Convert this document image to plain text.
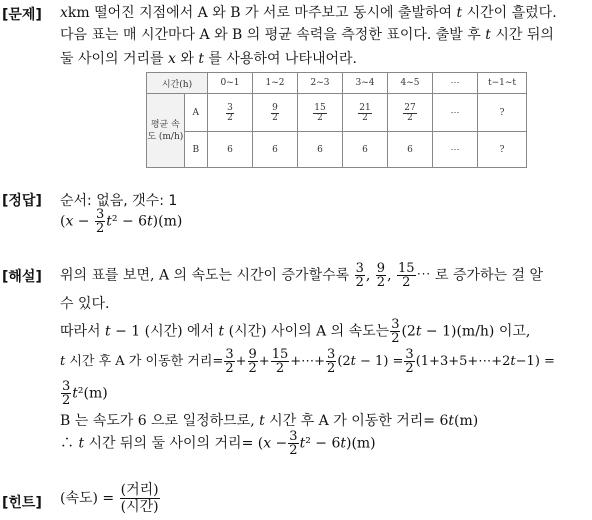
[문제] 𝑥km 떨어진 지점에서 A 와 B 가 서로 마주보고 동시에 출발하여 𝑡 시간이 흘렀다.
다음 표는 매 시간마다 A 와 B 의 평균 속력을 측정한 표이다. 출발 후 𝑡 시간 뒤의
둘 사이의 거리를 𝑥 와 𝑡 를 사용하여 나타내어라.
시간(h)		0~1	1~2	2~3	3~4	4~5	⋯	t−1~t
평균 속도 (m/h)	A	$\frac{3}{2}$	$\frac{9}{2}$	$\frac{15}{2}$	$\frac{21}{2}$	$\frac{27}{2}$	⋯	?
	B	6	6	6	6	6	⋯	?
[정답] 순서: 없음, 갯수: 1
(𝑥 − $\frac{3}{2}$ 𝑡² − 6𝑡)(m)
[해설] 위의 표를 보면, A 의 속도는 시간이 증가할수록 $\frac{3}{2}$ , $\frac{9}{2}$ , $\frac{15}{2}$ ⋯ 로 증가하는 걸 알
수 있다.
따라서 𝑡 − 1 (시간) 에서 𝑡 (시간) 사이의 A 의 속도는 $\frac{3}{2}$ (2𝑡 − 1)(m/h) 이고,
𝑡 시간 후 A 가 이동한 거리= $\frac{3}{2} + \frac{9}{2} + \frac{15}{2}$ +⋯+ $\frac{3}{2}$ (2𝑡 − $1) = \frac{3}{2}$ (1+3+5+⋯+2𝑡−1) =
$\frac{3}{2}$ 𝑡²(m)
B 는 속도가 6 으로 일정하므로, 𝑡 시간 후 A 가 이동한 거리= 6𝑡(m)
∴ 𝑡 시간 뒤의 둘 사이의 거리= (𝑥 − $\frac{3}{2}$ 𝑡² − 6𝑡)(m)
[힌트] (속도) = $\frac{\text{(거리)}}{\text{(시간)}}$
